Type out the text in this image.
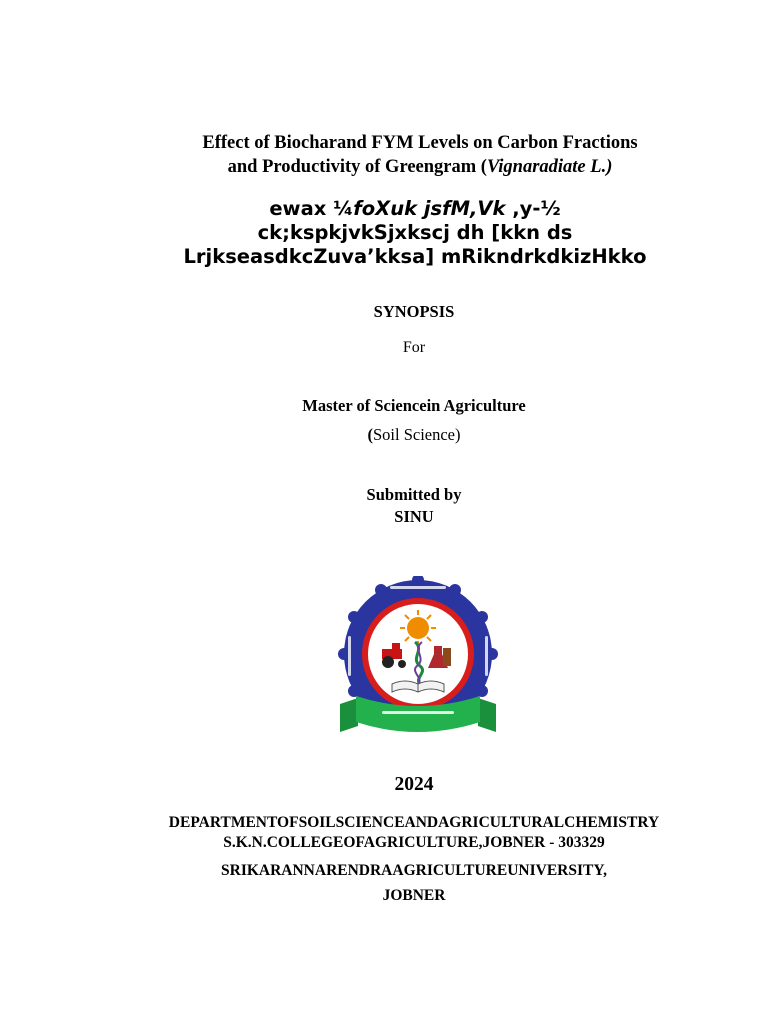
Effect of Biocharand FYM Levels on Carbon Fractions
and Productivity of Greengram (Vignaradiate L.)
ewax ¼foXuk jsfM,Vk ,y-½
ck;kspkjvkSjxkscj dh [kkn ds
LrjkseasdkcZuva’kksa] mRikndrkdkizHkko
SYNOPSIS
For
Master of Sciencein Agriculture
(Soil Science)
Submitted by
SINU
2024
DEPARTMENTOFSOILSCIENCEANDAGRICULTURALCHEMISTRY
S.K.N.COLLEGEOFAGRICULTURE,JOBNER - 303329
SRIKARANNARENDRAAGRICULTUREUNIVERSITY,
JOBNER
